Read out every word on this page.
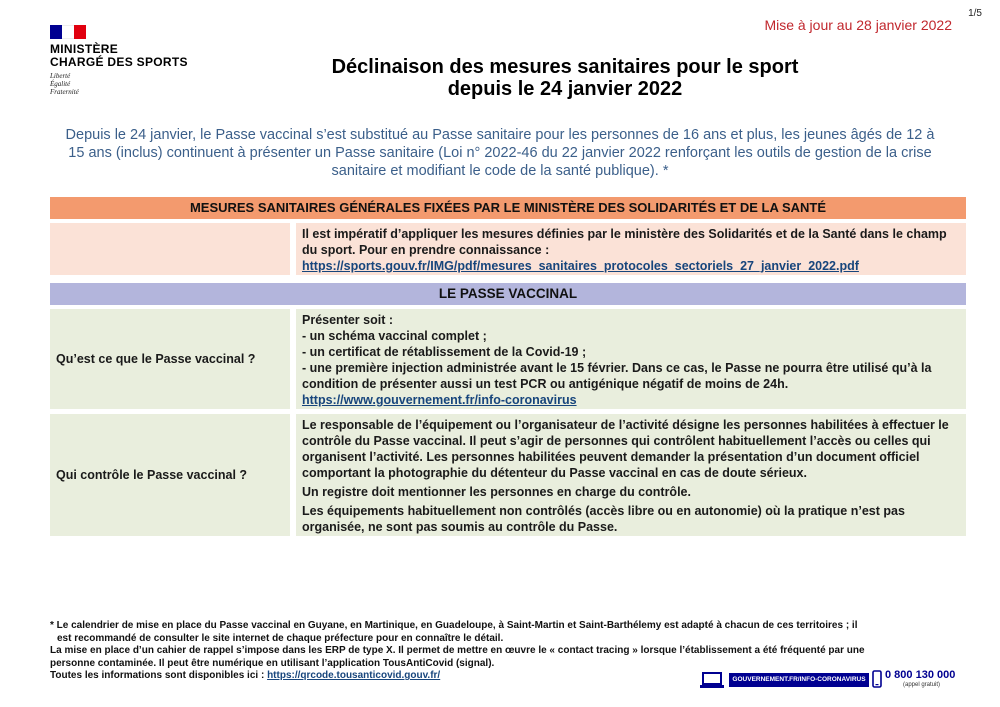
MINISTÈRE
CHARGÉ DES SPORTS
Liberté
Égalité
Fraternité
1/5
Mise à jour au 28 janvier 2022
Déclinaison des mesures sanitaires pour le sport
depuis le 24 janvier 2022
Depuis le 24 janvier, le Passe vaccinal s’est substitué au Passe sanitaire pour les personnes de 16 ans et plus, les jeunes âgés de 12 à 15 ans (inclus) continuent à présenter un Passe sanitaire (Loi n° 2022-46 du 22 janvier 2022 renforçant les outils de gestion de la crise sanitaire et modifiant le code de la santé publique). *
MESURES SANITAIRES GÉNÉRALES FIXÉES PAR LE MINISTÈRE DES SOLIDARITÉS ET DE LA SANTÉ
Il est impératif d’appliquer les mesures définies par le ministère des Solidarités et de la Santé dans le champ du sport. Pour en prendre connaissance :
https://sports.gouv.fr/IMG/pdf/mesures_sanitaires_protocoles_sectoriels_27_janvier_2022.pdf
LE PASSE VACCINAL
Qu’est ce que le Passe vaccinal ?
Présenter soit :
- un schéma vaccinal complet ;
- un certificat de rétablissement de la Covid-19 ;
- une première injection administrée avant le 15 février. Dans ce cas, le Passe ne pourra être utilisé qu’à la condition de présenter aussi un test PCR ou antigénique négatif de moins de 24h.
https://www.gouvernement.fr/info-coronavirus
Qui contrôle le Passe vaccinal ?
Le responsable de l’équipement ou l’organisateur de l’activité désigne les personnes habilitées à effectuer le contrôle du Passe vaccinal. Il peut s’agir de personnes qui contrôlent habituellement l’accès ou celles qui organisent l’activité. Les personnes habilitées peuvent demander la présentation d’un document officiel comportant la photographie du détenteur du Passe vaccinal en cas de doute sérieux.
Un registre doit mentionner les personnes en charge du contrôle.
Les équipements habituellement non contrôlés (accès libre ou en autonomie) où la pratique n’est pas organisée, ne sont pas soumis au contrôle du Passe.
* Le calendrier de mise en place du Passe vaccinal en Guyane, en Martinique, en Guadeloupe, à Saint-Martin et Saint-Barthélemy est adapté à chacun de ces territoires ; il
est recommandé de consulter le site internet de chaque préfecture pour en connaître le détail.
La mise en place d’un cahier de rappel s’impose dans les ERP de type X. Il permet de mettre en œuvre le « contact tracing » lorsque l’établissement a été fréquenté par une
personne contaminée. Il peut être numérique en utilisant l’application TousAntiCovid (signal).
Toutes les informations sont disponibles ici : https://qrcode.tousanticovid.gouv.fr/	GOUVERNEMENT.FR/INFO-CORONAVIRUS	0 800 130 000
(appel gratuit)
